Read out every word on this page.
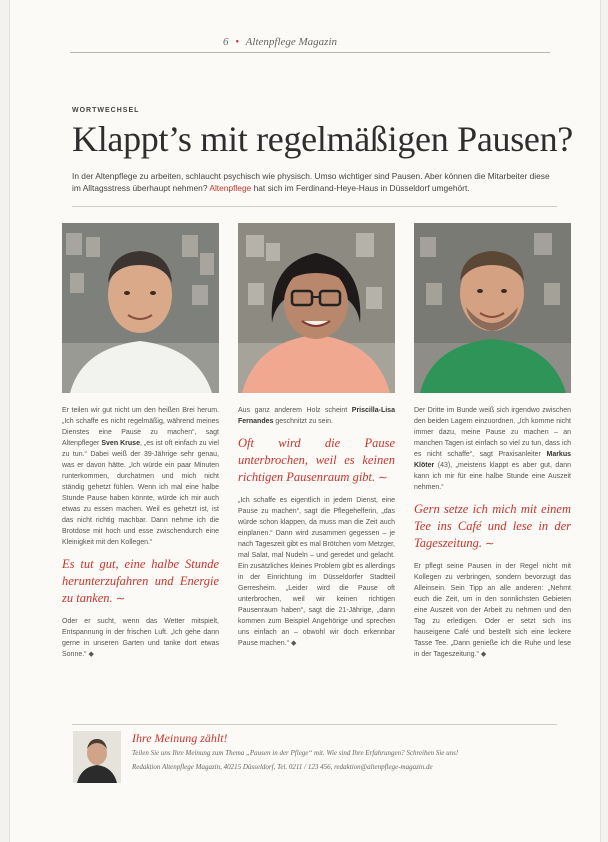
6 • Altenpflege Magazin
WORTWECHSEL
Klappt’s mit regelmäßigen Pausen?
In der Altenpflege zu arbeiten, schlaucht psychisch wie physisch. Umso wichtiger sind Pausen. Aber können die Mitarbeiter diese im Alltagsstress überhaupt nehmen? Altenpflege hat sich im Ferdinand-Heye-Haus in Düsseldorf umgehört.

Er teilen wir gut nicht um den heißen Brei herum. „Ich schaffe es nicht regelmäßig, während meines Dienstes eine Pause zu machen“, sagt Altenpfleger Sven Kruse, „es ist oft einfach zu viel zu tun.“ Dabei weiß der 39-Jährige sehr genau, was er davon hätte. „Ich würde ein paar Minuten runterkommen, durchatmen und mich nicht ständig gehetzt fühlen. Wenn ich mal eine halbe Stunde Pause haben könnte, würde ich mir auch etwas zu essen machen. Weil es gehetzt ist, ist das nicht richtig machbar. Dann nehme ich die Brotdose mit hoch und esse zwischendurch eine Kleinigkeit mit den Kollegen.“

Es tut gut, eine halbe Stunde herunterzufahren und Energie zu tanken. ∼

Oder er sucht, wenn das Wetter mitspielt, Entspannung in der frischen Luft. „Ich gehe dann gerne in unseren Garten und tanke dort etwas Sonne.“ ◆

Aus ganz anderem Holz scheint Priscilla-Lisa Fernandes geschnitzt zu sein.

Oft wird die Pause unterbrochen, weil es keinen richtigen Pausenraum gibt. ∼

„Ich schaffe es eigentlich in jedem Dienst, eine Pause zu machen“, sagt die Pflegehelferin, „das würde schon klappen, da muss man die Zeit auch einplanen.“ Dann wird zusammen gegessen – je nach Tageszeit gibt es mal Brötchen vom Metzger, mal Salat, mal Nudeln – und geredet und gelacht. Ein zusätzliches kleines Problem gibt es allerdings in der Einrichtung im Düsseldorfer Stadtteil Gerresheim. „Leider wird die Pause oft unterbrochen, weil wir keinen richtigen Pausenraum haben“, sagt die 21-Jährige, „dann kommen zum Beispiel Angehörige und sprechen uns einfach an – obwohl wir doch erkennbar Pause machen.“ ◆

Der Dritte im Bunde weiß sich irgendwo zwischen den beiden Lagern einzuordnen. „Ich komme nicht immer dazu, meine Pause zu machen – an manchen Tagen ist einfach so viel zu tun, dass ich es nicht schaffe“, sagt Praxisanleiter Markus Klöter (43), „meistens klappt es aber gut, dann kann ich mir für eine halbe Stunde eine Auszeit nehmen.“

Gern setze ich mich mit einem Tee ins Café und lese in der Tageszeitung. ∼

Er pflegt seine Pausen in der Regel nicht mit Kollegen zu verbringen, sondern bevorzugt das Alleinsein. Sein Tipp an alle anderen: „Nehmt euch die Zeit, um in den sonnlichsten Gebieten eine Auszeit von der Arbeit zu nehmen und den Tag zu erledigen. Oder er setzt sich ins hauseigene Café und bestellt sich eine leckere Tasse Tee. „Dann genieße ich die Ruhe und lese in der Tageszeitung.“ ◆

Ihre Meinung zählt!

Teilen Sie uns Ihre Meinung zum Thema „Pausen in der Pflege“ mit. Wie sind Ihre Erfahrungen? Schreiben Sie uns!

Redaktion Altenpflege Magazin, 40215 Düsseldorf, Tel. 0211 / 123 456, redaktion@altenpflege-magazin.de
